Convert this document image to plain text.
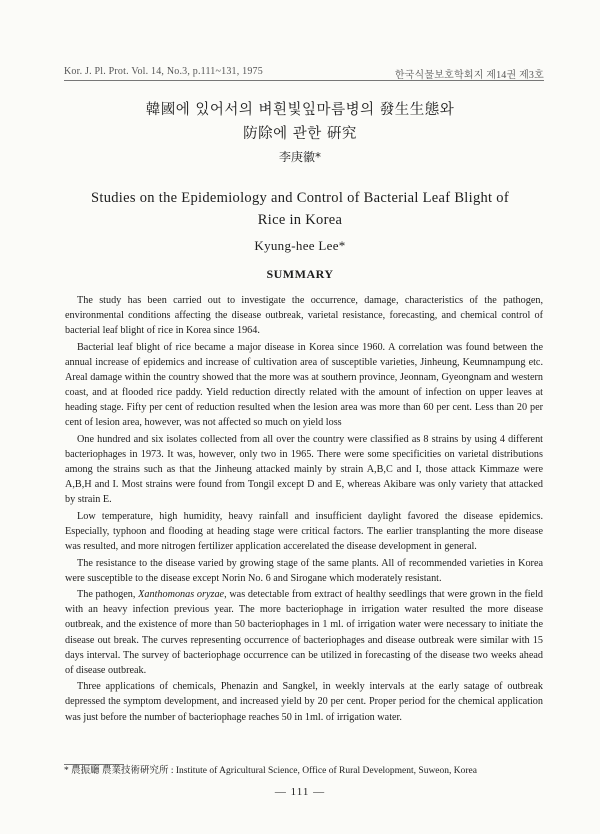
Kor. J. Pl. Prot. Vol. 14, No.3, p.111~131, 1975	한국식물보호학회지 제14권 제3호
韓國에 있어서의 벼흰빛잎마름병의 發生生態와
防除에 관한 硏究
李庚徽*
Studies on the Epidemiology and Control of Bacterial Leaf Blight of
Rice in Korea
Kyung-hee Lee*
SUMMARY

The study has been carried out to investigate the occurrence, damage, characteristics of the pathogen, environmental conditions affecting the disease outbreak, varietal resistance, forecasting, and chemical control of bacterial leaf blight of rice in Korea since 1964.

Bacterial leaf blight of rice became a major disease in Korea since 1960. A correlation was found between the annual increase of epidemics and increase of cultivation area of susceptible varieties, Jinheung, Keumnampung etc. Areal damage within the country showed that the more was at southern province, Jeonnam, Gyeongnam and western coast, and at flooded rice paddy. Yield reduction directly related with the amount of infection on upper leaves at heading stage. Fifty per cent of reduction resulted when the lesion area was more than 60 per cent. Less than 20 per cent of lesion area, however, was not affected so much on yield loss

One hundred and six isolates collected from all over the country were classified as 8 strains by using 4 different bacteriophages in 1973. It was, however, only two in 1965. There were some specificities on varietal distributions among the strains such as that the Jinheung attacked mainly by strain A,B,C and I, those attack Kimmaze were A,B,H and I. Most strains were found from Tongil except D and E, whereas Akibare was only variety that attacked by strain E.

Low temperature, high humidity, heavy rainfall and insufficient daylight favored the disease epidemics. Especially, typhoon and flooding at heading stage were critical factors. The earlier transplanting the more disease was resulted, and more nitrogen fertilizer application accerelated the disease development in general.

The resistance to the disease varied by growing stage of the same plants. All of recommended varieties in Korea were susceptible to the disease except Norin No. 6 and Sirogane which moderately resistant.

The pathogen, Xanthomonas oryzae, was detectable from extract of healthy seedlings that were grown in the field with an heavy infection previous year. The more bacteriophage in irrigation water resulted the more disease outbreak, and the existence of more than 50 bacteriophages in 1 ml. of irrigation water were necessary to initiate the disease out break. The curves representing occurrence of bacteriophages and disease outbreak were similar with 15 days interval. The survey of bacteriophage occurrence can be utilized in forecasting of the disease two weeks ahead of disease outbreak.

Three applications of chemicals, Phenazin and Sangkel, in weekly intervals at the early satage of outbreak depressed the symptom development, and increased yield by 20 per cent. Proper period for the chemical application was just before the number of bacteriophage reaches 50 in 1ml. of irrigation water.

* 農振廳 農業技術硏究所 : Institute of Agricultural Science, Office of Rural Development, Suweon, Korea
— 111 —
